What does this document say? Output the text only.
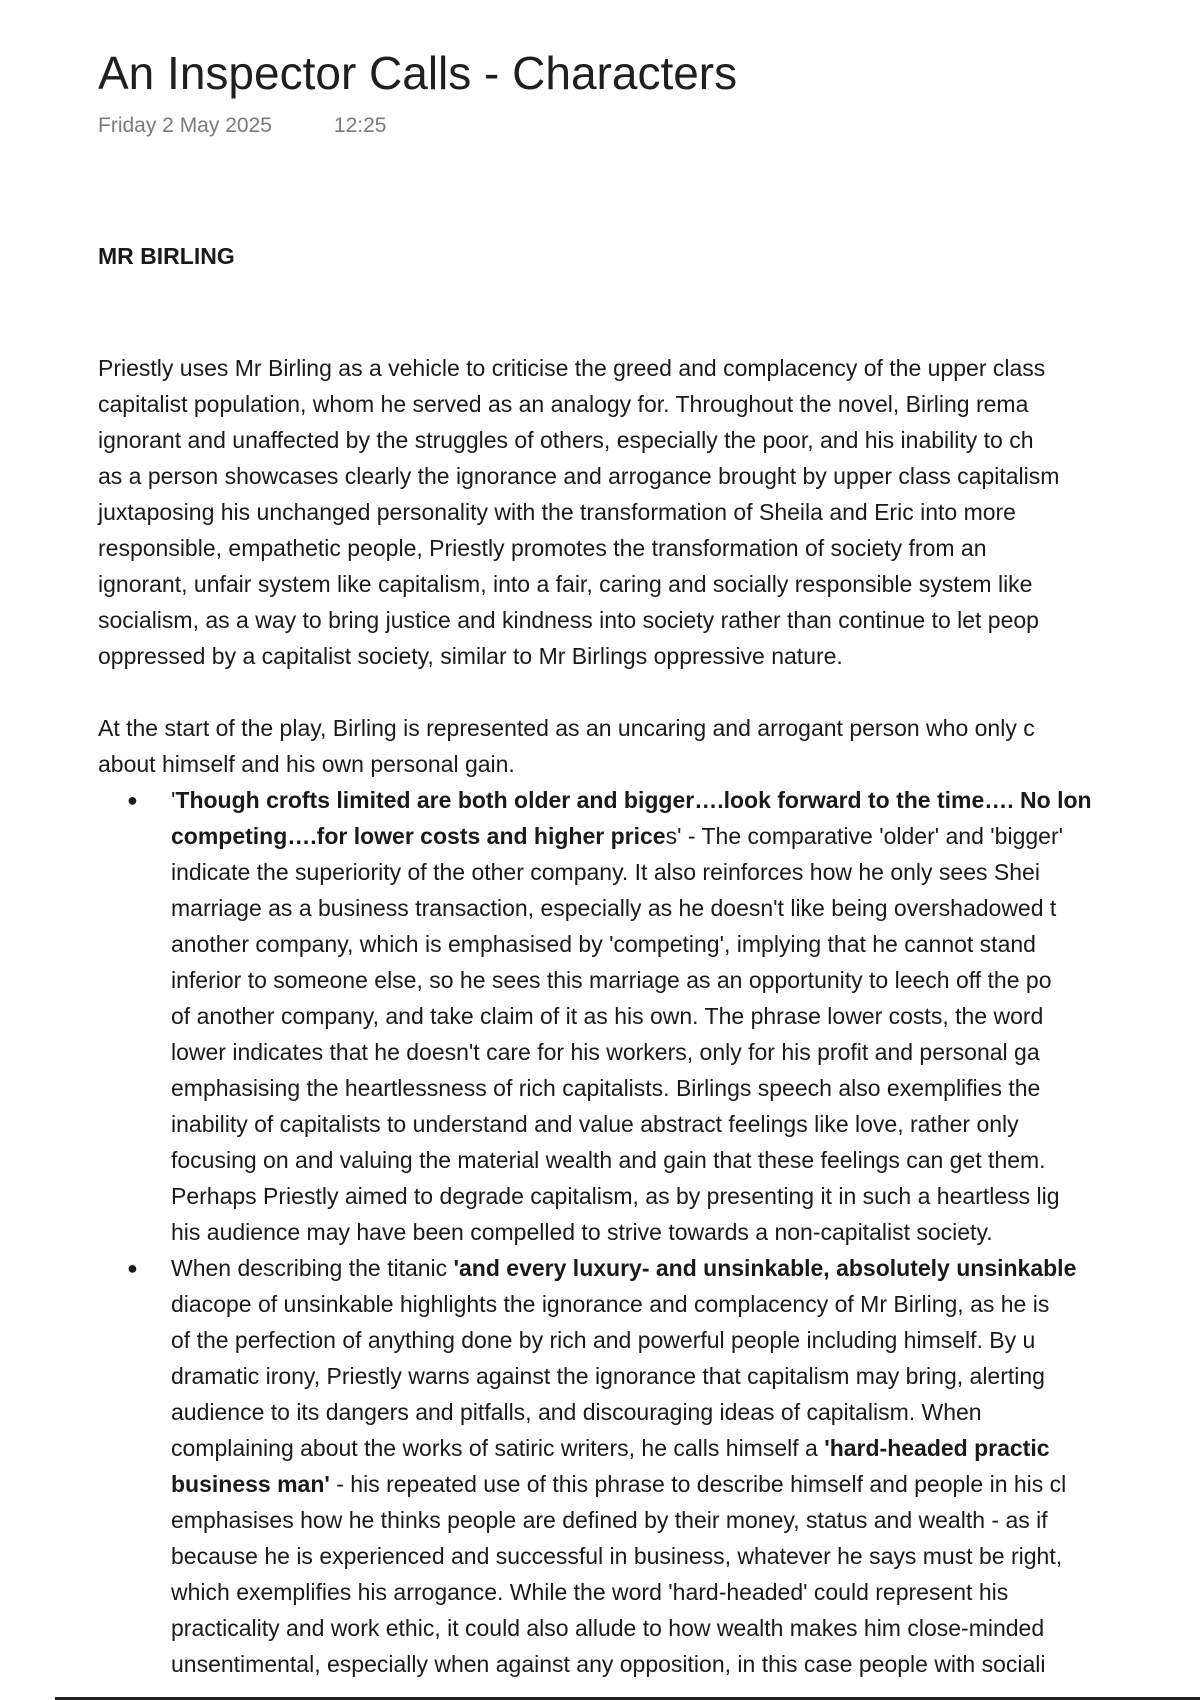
An Inspector Calls - Characters
Friday 2 May 2025	12:25
MR BIRLING

Priestly uses Mr Birling as a vehicle to criticise the greed and complacency of the upper class

capitalist population, whom he served as an analogy for. Throughout the novel, Birling rema

ignorant and unaffected by the struggles of others, especially the poor, and his inability to ch

as a person showcases clearly the ignorance and arrogance brought by upper class capitalism

juxtaposing his unchanged personality with the transformation of Sheila and Eric into more

responsible, empathetic people, Priestly promotes the transformation of society from an

ignorant, unfair system like capitalism, into a fair, caring and socially responsible system like

socialism, as a way to bring justice and kindness into society rather than continue to let peop

oppressed by a capitalist society, similar to Mr Birlings oppressive nature.

At the start of the play, Birling is represented as an uncaring and arrogant person who only c

about himself and his own personal gain.

● 'Though crofts limited are both older and bigger….look forward to the time…. No lon
competing….for lower costs and higher prices' - The comparative 'older' and 'bigger'
indicate the superiority of the other company. It also reinforces how he only sees Shei
marriage as a business transaction, especially as he doesn't like being overshadowed t
another company, which is emphasised by 'competing', implying that he cannot stand
inferior to someone else, so he sees this marriage as an opportunity to leech off the po
of another company, and take claim of it as his own. The phrase lower costs, the word
lower indicates that he doesn't care for his workers, only for his profit and personal ga
emphasising the heartlessness of rich capitalists. Birlings speech also exemplifies the
inability of capitalists to understand and value abstract feelings like love, rather only
focusing on and valuing the material wealth and gain that these feelings can get them.
Perhaps Priestly aimed to degrade capitalism, as by presenting it in such a heartless lig
his audience may have been compelled to strive towards a non-capitalist society.
● When describing the titanic 'and every luxury- and unsinkable, absolutely unsinkable
diacope of unsinkable highlights the ignorance and complacency of Mr Birling, as he is
of the perfection of anything done by rich and powerful people including himself. By u
dramatic irony, Priestly warns against the ignorance that capitalism may bring, alerting
audience to its dangers and pitfalls, and discouraging ideas of capitalism. When
complaining about the works of satiric writers, he calls himself a 'hard-headed practic
business man' - his repeated use of this phrase to describe himself and people in his cl
emphasises how he thinks people are defined by their money, status and wealth - as if
because he is experienced and successful in business, whatever he says must be right,
which exemplifies his arrogance. While the word 'hard-headed' could represent his
practicality and work ethic, it could also allude to how wealth makes him close-minded
unsentimental, especially when against any opposition, in this case people with sociali
